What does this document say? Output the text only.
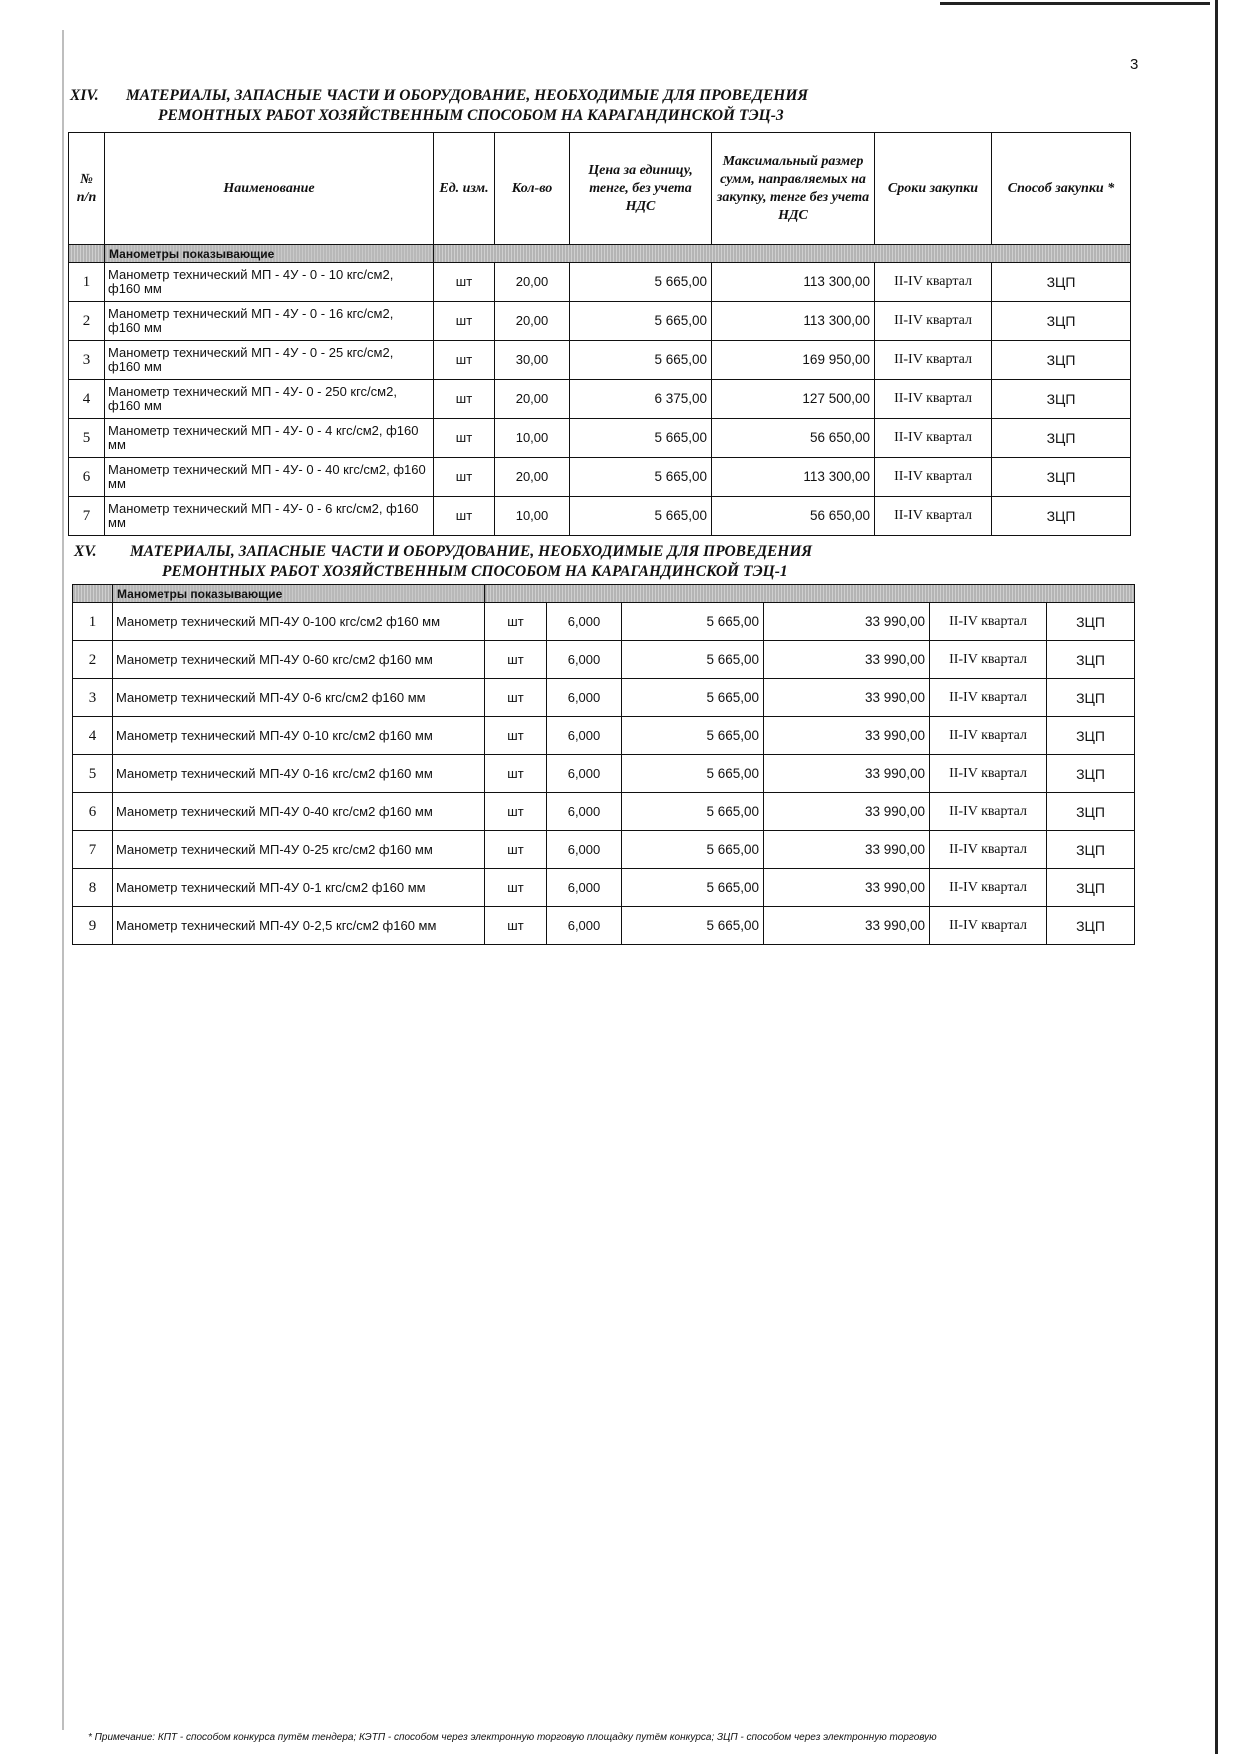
3
XIV. МАТЕРИАЛЫ, ЗАПАСНЫЕ ЧАСТИ И ОБОРУДОВАНИЕ, НЕОБХОДИМЫЕ ДЛЯ ПРОВЕДЕНИЯ
РЕМОНТНЫХ РАБОТ ХОЗЯЙСТВЕННЫМ СПОСОБОМ НА КАРАГАНДИНСКОЙ ТЭЦ-3
№ п/п	Наименование	Ед. изм.	Кол-во	Цена за единицу, тенге, без учета НДС	Максимальный размер сумм, направляемых на закупку, тенге без учета НДС	Сроки закупки	Способ закупки *
	Манометры показывающие						
1	Манометр технический МП - 4У - 0 - 10 кгс/см2, ф160 мм	шт	20,00	5 665,00	113 300,00	II-IV квартал	ЗЦП
2	Манометр технический МП - 4У - 0 - 16 кгс/см2, ф160 мм	шт	20,00	5 665,00	113 300,00	II-IV квартал	ЗЦП
3	Манометр технический МП - 4У - 0 - 25 кгс/см2, ф160 мм	шт	30,00	5 665,00	169 950,00	II-IV квартал	ЗЦП
4	Манометр технический МП - 4У- 0 - 250 кгс/см2, ф160 мм	шт	20,00	6 375,00	127 500,00	II-IV квартал	ЗЦП
5	Манометр технический МП - 4У- 0 - 4 кгс/см2, ф160 мм	шт	10,00	5 665,00	56 650,00	II-IV квартал	ЗЦП
6	Манометр технический МП - 4У- 0 - 40 кгс/см2, ф160 мм	шт	20,00	5 665,00	113 300,00	II-IV квартал	ЗЦП
7	Манометр технический МП - 4У- 0 - 6 кгс/см2, ф160 мм	шт	10,00	5 665,00	56 650,00	II-IV квартал	ЗЦП
XV. МАТЕРИАЛЫ, ЗАПАСНЫЕ ЧАСТИ И ОБОРУДОВАНИЕ, НЕОБХОДИМЫЕ ДЛЯ ПРОВЕДЕНИЯ
РЕМОНТНЫХ РАБОТ ХОЗЯЙСТВЕННЫМ СПОСОБОМ НА КАРАГАНДИНСКОЙ ТЭЦ-1
	Манометры показывающие						
1	Манометр технический МП-4У 0-100 кгс/см2 ф160 мм	шт	6,000	5 665,00	33 990,00	II-IV квартал	ЗЦП
2	Манометр технический МП-4У 0-60 кгс/см2 ф160 мм	шт	6,000	5 665,00	33 990,00	II-IV квартал	ЗЦП
3	Манометр технический МП-4У 0-6 кгс/см2 ф160 мм	шт	6,000	5 665,00	33 990,00	II-IV квартал	ЗЦП
4	Манометр технический МП-4У 0-10 кгс/см2 ф160 мм	шт	6,000	5 665,00	33 990,00	II-IV квартал	ЗЦП
5	Манометр технический МП-4У 0-16 кгс/см2 ф160 мм	шт	6,000	5 665,00	33 990,00	II-IV квартал	ЗЦП
6	Манометр технический МП-4У 0-40 кгс/см2 ф160 мм	шт	6,000	5 665,00	33 990,00	II-IV квартал	ЗЦП
7	Манометр технический МП-4У 0-25 кгс/см2 ф160 мм	шт	6,000	5 665,00	33 990,00	II-IV квартал	ЗЦП
8	Манометр технический МП-4У 0-1 кгс/см2 ф160 мм	шт	6,000	5 665,00	33 990,00	II-IV квартал	ЗЦП
9	Манометр технический МП-4У 0-2,5 кгс/см2 ф160 мм	шт	6,000	5 665,00	33 990,00	II-IV квартал	ЗЦП
* Примечание: КПТ - способом конкурса путём тендера; КЭТП - способом через электронную торговую площадку путём конкурса; ЗЦП - способом через электронную торговую
